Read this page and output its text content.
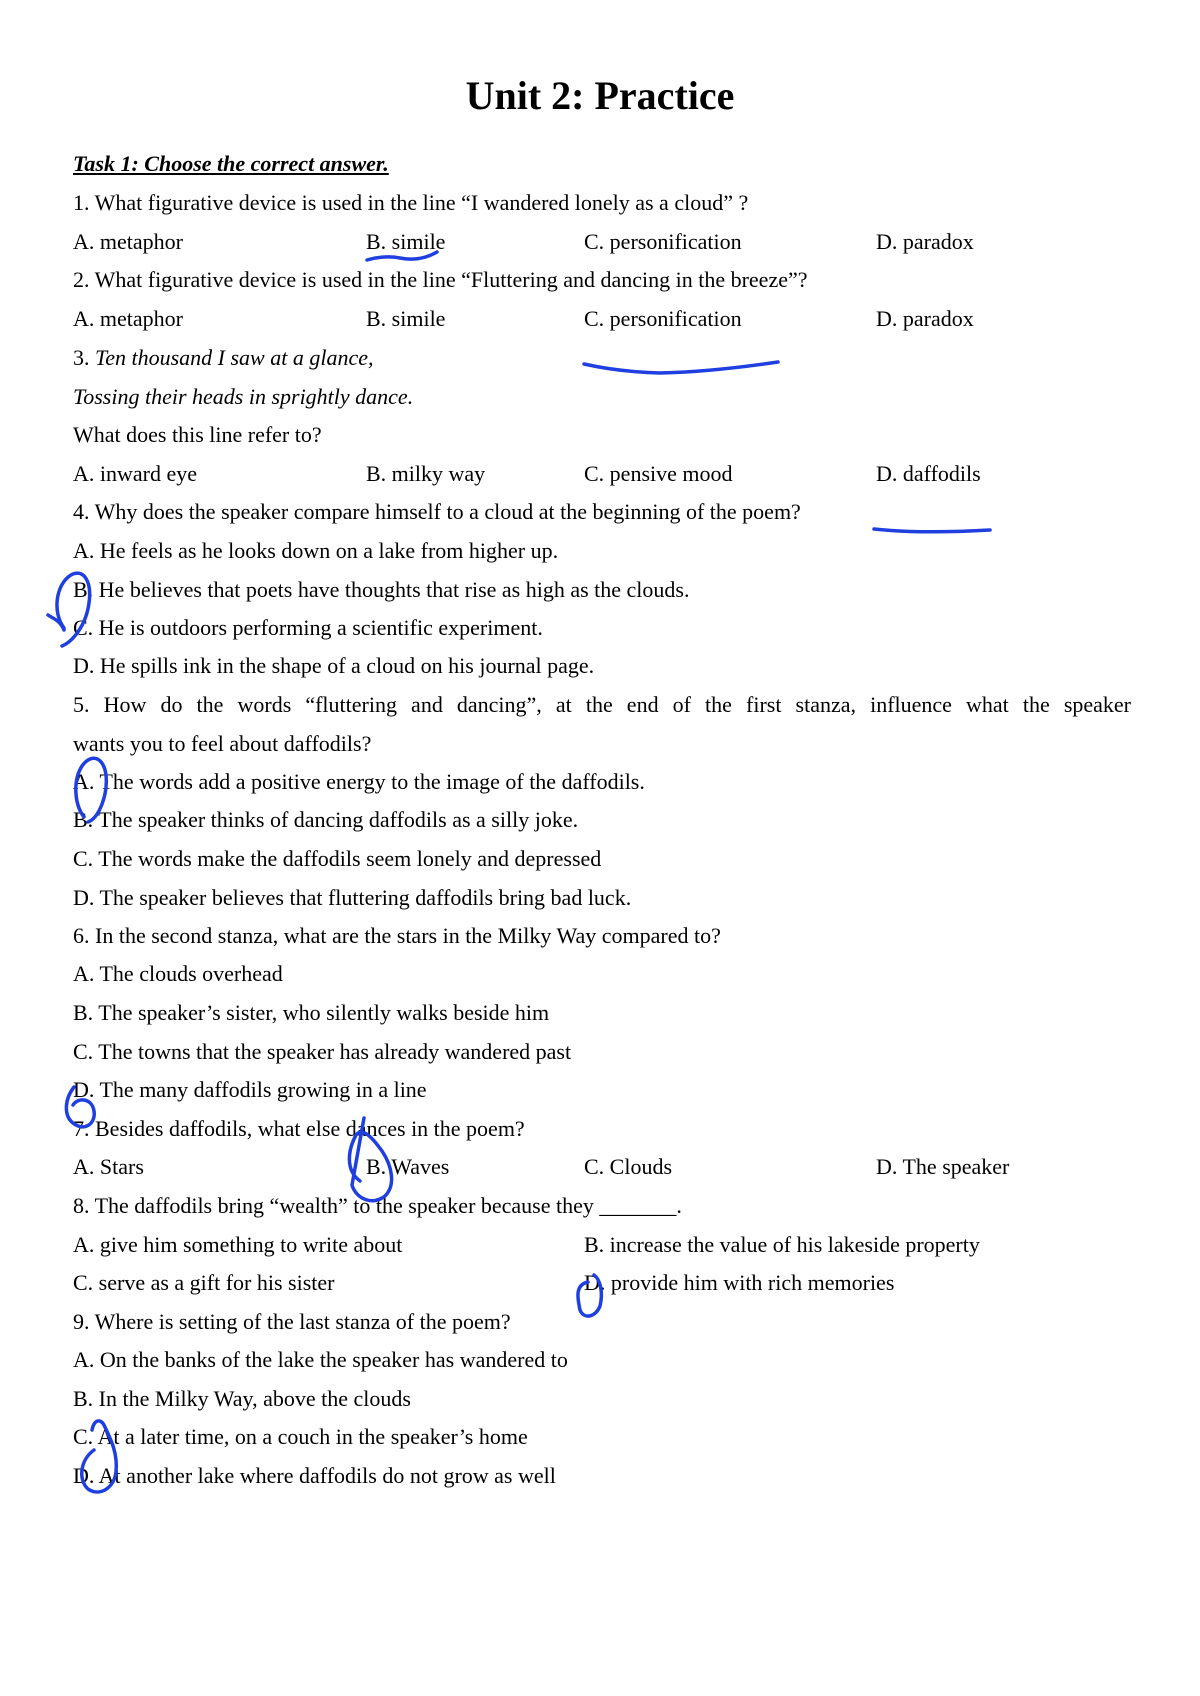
Unit 2: Practice
Task 1: Choose the correct answer.
1. What figurative device is used in the line “I wandered lonely as a cloud” ?
A. metaphor	B. simile	C. personification	D. paradox
2. What figurative device is used in the line “Fluttering and dancing in the breeze”?
A. metaphor	B. simile	C. personification	D. paradox
3. Ten thousand I saw at a glance,
Tossing their heads in sprightly dance.
What does this line refer to?
A. inward eye	B. milky way	C. pensive mood	D. daffodils
4. Why does the speaker compare himself to a cloud at the beginning of the poem?
A. He feels as he looks down on a lake from higher up.
B. He believes that poets have thoughts that rise as high as the clouds.
C. He is outdoors performing a scientific experiment.
D. He spills ink in the shape of a cloud on his journal page.
5. How do the words “fluttering and dancing”, at the end of the first stanza, influence what the speaker
wants you to feel about daffodils?
A. The words add a positive energy to the image of the daffodils.
B. The speaker thinks of dancing daffodils as a silly joke.
C. The words make the daffodils seem lonely and depressed
D. The speaker believes that fluttering daffodils bring bad luck.
6. In the second stanza, what are the stars in the Milky Way compared to?
A. The clouds overhead
B. The speaker’s sister, who silently walks beside him
C. The towns that the speaker has already wandered past
D. The many daffodils growing in a line
7. Besides daffodils, what else dances in the poem?
A. Stars	B. Waves	C. Clouds	D. The speaker
8. The daffodils bring “wealth” to the speaker because they _______.
A. give him something to write about	B. increase the value of his lakeside property
C. serve as a gift for his sister	D. provide him with rich memories
9. Where is setting of the last stanza of the poem?
A. On the banks of the lake the speaker has wandered to
B. In the Milky Way, above the clouds
C. At a later time, on a couch in the speaker’s home
D. At another lake where daffodils do not grow as well
